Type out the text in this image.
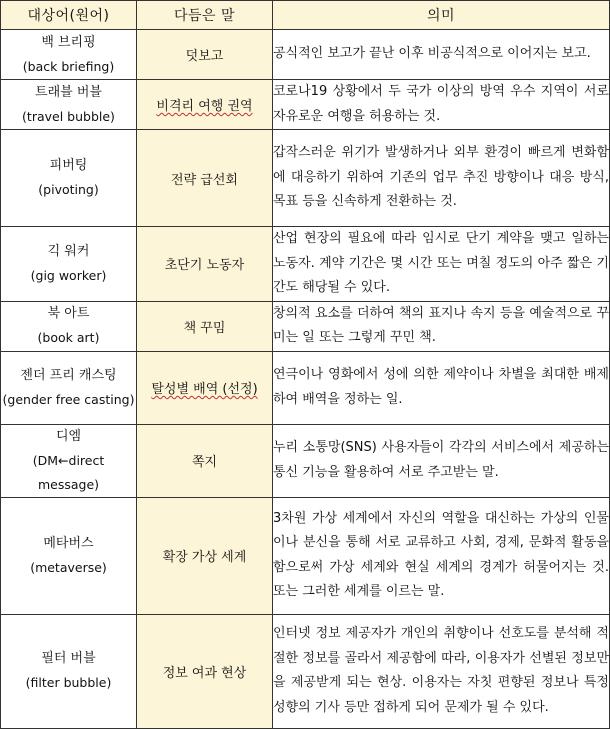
대상어(원어)	다듬은 말	의미

백 브리핑
(back briefing)	덧보고	공식적인 보고가 끝난 이후 비공식적으로 이어지는 보고.

트래블 버블
(travel bubble)	비격리 여행 권역	코로나19 상황에서 두 국가 이상의 방역 우수 지역이 서로 자유로운 여행을 허용하는 것.

피버팅
(pivoting)	전략 급선회	갑작스러운 위기가 발생하거나 외부 환경이 빠르게 변화함에 대응하기 위하여 기존의 업무 추진 방향이나 대응 방식, 목표 등을 신속하게 전환하는 것.

긱 워커
(gig worker)	초단기 노동자	산업 현장의 필요에 따라 임시로 단기 계약을 맺고 일하는 노동자. 계약 기간은 몇 시간 또는 며칠 정도의 아주 짧은 기간도 해당될 수 있다.

북 아트
(book art)	책 꾸밈	창의적 요소를 더하여 책의 표지나 속지 등을 예술적으로 꾸미는 일 또는 그렇게 꾸민 책.

젠더 프리 캐스팅
(gender free casting)	탈성별 배역 (선정)	연극이나 영화에서 성에 의한 제약이나 차별을 최대한 배제하여 배역을 정하는 일.

디엠
(DM←direct message)	쪽지	누리 소통망(SNS) 사용자들이 각각의 서비스에서 제공하는 통신 기능을 활용하여 서로 주고받는 말.

메타버스
(metaverse)	확장 가상 세계	3차원 가상 세계에서 자신의 역할을 대신하는 가상의 인물이나 분신을 통해 서로 교류하고 사회, 경제, 문화적 활동을 함으로써 가상 세계와 현실 세계의 경계가 허물어지는 것. 또는 그러한 세계를 이르는 말.

필터 버블
(filter bubble)	정보 여과 현상	인터넷 정보 제공자가 개인의 취향이나 선호도를 분석해 적절한 정보를 골라서 제공함에 따라, 이용자가 선별된 정보만을 제공받게 되는 현상. 이용자는 자칫 편향된 정보나 특정 성향의 기사 등만 접하게 되어 문제가 될 수 있다.
